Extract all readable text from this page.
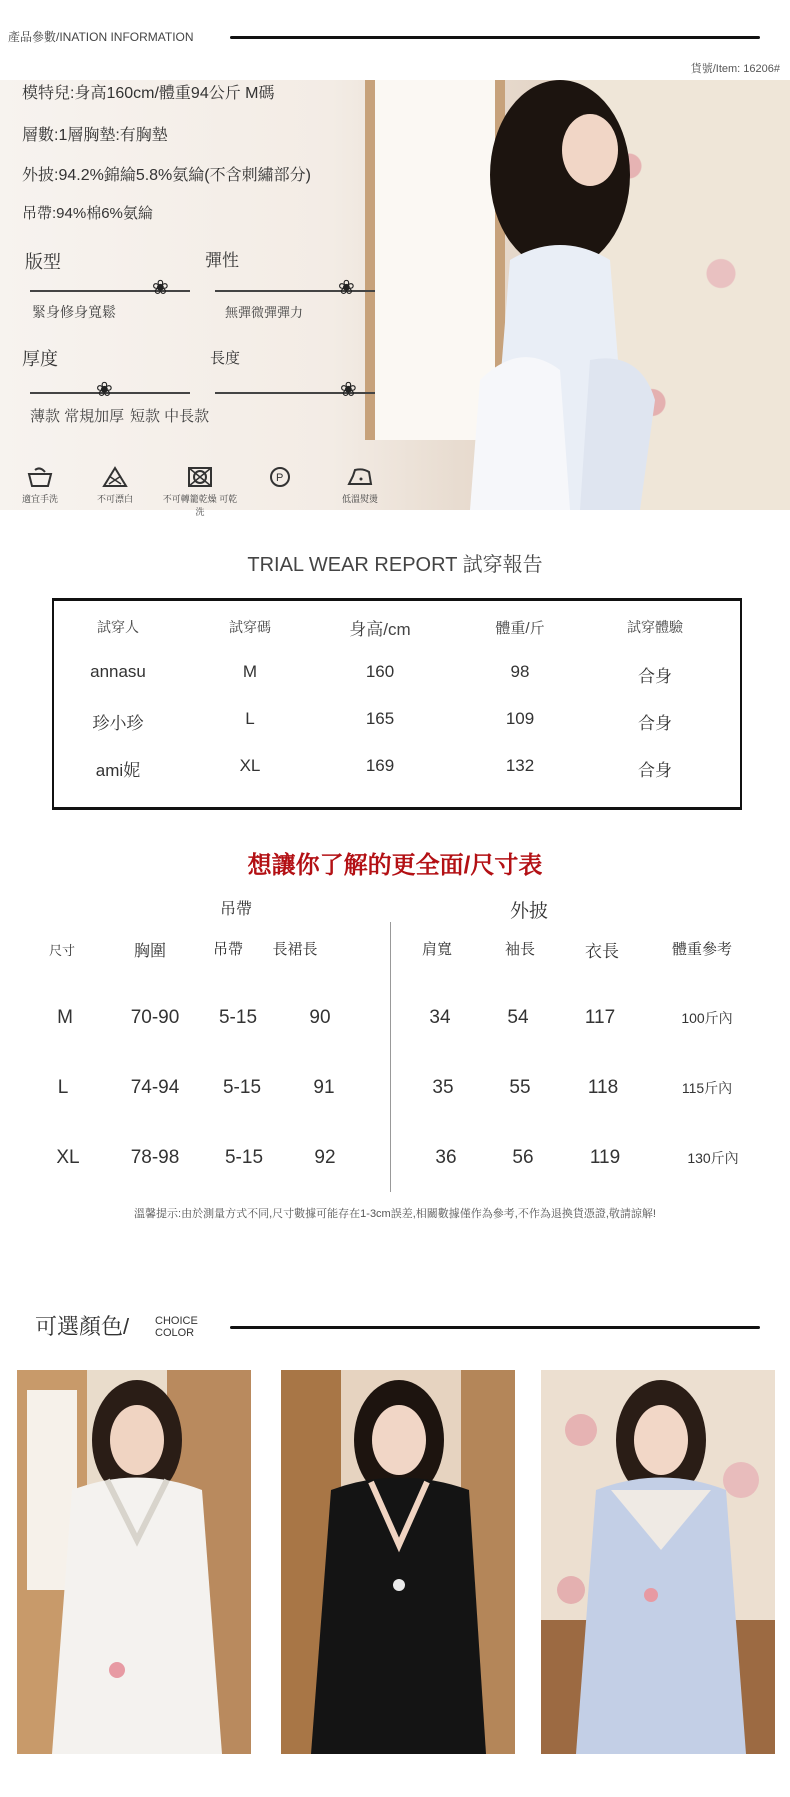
產品參數/INATION INFORMATION
貨號/Item: 16206#
模特兒:身高160cm/體重94公斤 M碼
層數:1層胸墊:有胸墊
外披:94.2%錦綸5.8%氨綸(不含刺繡部分)
吊帶:94%棉6%氨綸
版型
❀
緊身修身寬鬆
彈性
❀
無彈微彈彈力
厚度
❀
薄款 常規加厚
長度
❀
短款 中長款
適宜手洗	不可漂白	不可轉籠乾燥 可乾洗
P
低溫熨燙
TRIAL WEAR REPORT 試穿報告
試穿人	試穿碼	身高/cm	體重/斤	試穿體驗
annasu	M	160	98	合身
珍小珍	L	165	109	合身
ami妮	XL	169	132	合身
想讓你了解的更全面/尺寸表
吊帶	外披
尺寸	胸圍	吊帶	長裙長	肩寬	袖長	衣長	體重參考
M	70-90	5-15	90	34	54	117	100斤內
L	74-94	5-15	91	35	55	118	115斤內
XL	78-98	5-15	92	36	56	119	130斤內
溫馨提示:由於測量方式不同,尺寸數據可能存在1-3cm誤差,相關數據僅作為參考,不作為退換貨憑證,敬請諒解!
可選顏色/ CHOICE
COLOR
